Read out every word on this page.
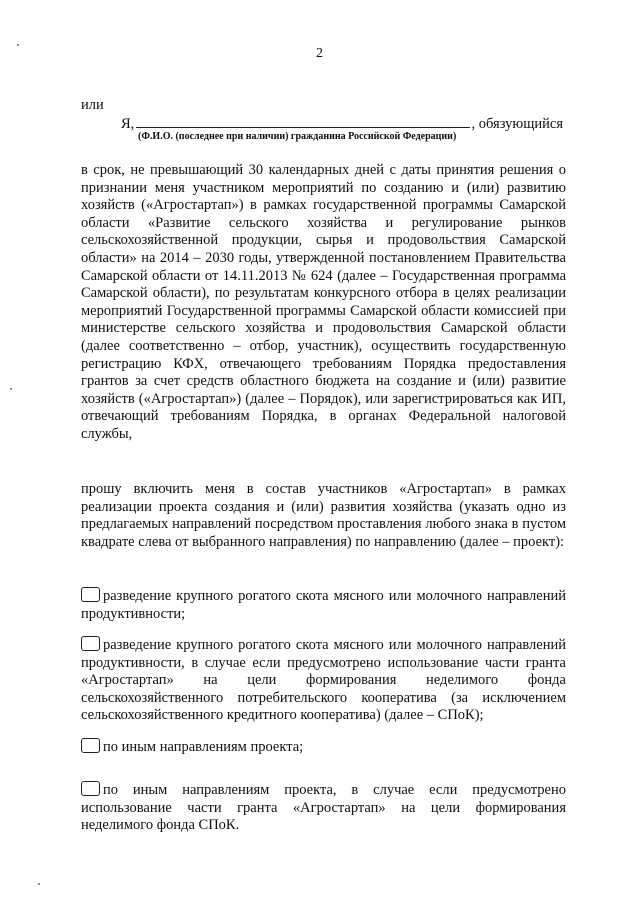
2
или
Я,	, обязующийся
(Ф.И.О. (последнее при наличии) гражданина Российской Федерации)

в срок, не превышающий 30 календарных дней с даты принятия решения о признании меня участником мероприятий по созданию и (или) развитию хозяйств («Агростартап») в рамках государственной программы Самарской области «Развитие сельского хозяйства и регулирование рынков сельскохозяйственной продукции, сырья и продовольствия Самарской области» на 2014 – 2030 годы, утвержденной постановлением Правительства Самарской области от 14.11.2013 № 624 (далее – Государственная программа Самарской области), по результатам конкурсного отбора в целях реализации мероприятий Государственной программы Самарской области комиссией при министерстве сельского хозяйства и продовольствия Самарской области (далее соответственно – отбор, участник), осуществить государственную регистрацию КФХ, отвечающего требованиям Порядка предоставления грантов за счет средств областного бюджета на создание и (или) развитие хозяйств («Агростартап») (далее – Порядок), или зарегистрироваться как ИП, отвечающий требованиям Порядка, в органах Федеральной налоговой службы,

прошу включить меня в состав участников «Агростартап» в рамках реализации проекта создания и (или) развития хозяйства (указать одно из предлагаемых направлений посредством проставления любого знака в пустом квадрате слева от выбранного направления) по направлению (далее – проект):

разведение крупного рогатого скота мясного или молочного направлений продуктивности;
разведение крупного рогатого скота мясного или молочного направлений продуктивности, в случае если предусмотрено использование части гранта «Агростартап» на цели формирования неделимого фонда сельскохозяйственного потребительского кооператива (за исключением сельскохозяйственного кредитного кооператива) (далее – СПоК);
по иным направлениям проекта;
по иным направлениям проекта, в случае если предусмотрено использование части гранта «Агростартап» на цели формирования неделимого фонда СПоК.
